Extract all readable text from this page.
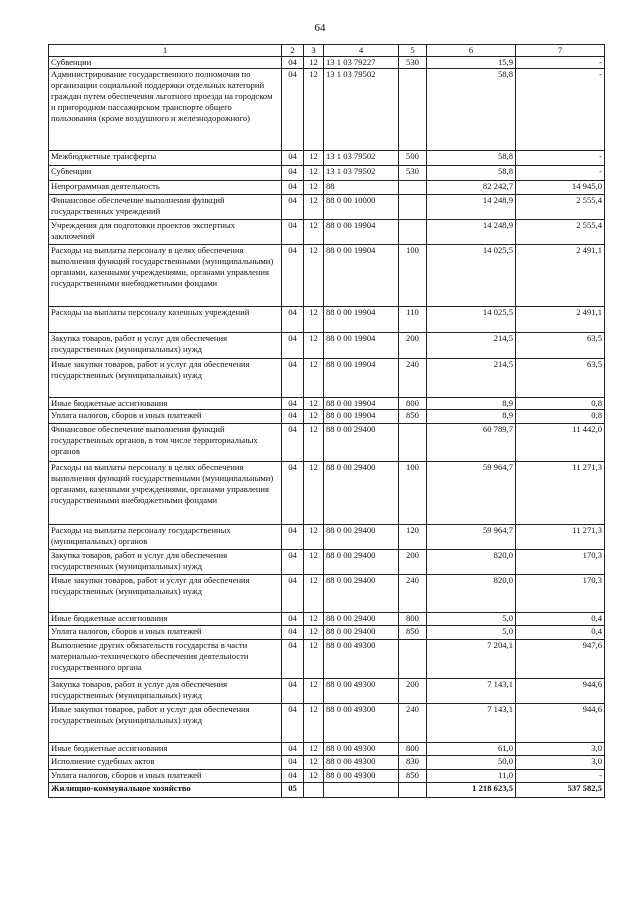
64
1	2	3	4	5	6	7
Субвенции	04	12	13 1 03 79227	530	15,9	-
Администрирование государственного полномочия по организации социальной поддержки отдельных категорий граждан путем обеспечения льготного проезда на городском и пригородном пассажирском транспорте общего пользования (кроме воздушного и железнодорожного)	04	12	13 1 03 79502		58,8	-
Межбюджетные трансферты	04	12	13 1 03 79502	500	58,8	-
Субвенции	04	12	13 1 03 79502	530	58,8	-
Непрограммная деятельность	04	12	88		82 242,7	14 945,0
Финансовое обеспечение выполнения функций государственных учреждений	04	12	88 0 00 10000		14 248,9	2 555,4
Учреждения для подготовки проектов экспертных заключений	04	12	88 0 00 19904		14 248,9	2 555,4
Расходы на выплаты персоналу в целях обеспечения выполнения функций государственными (муниципальными) органами, казенными учреждениями, органами управления государственными внебюджетными фондами	04	12	88 0 00 19904	100	14 025,5	2 491,1
Расходы на выплаты персоналу казенных учреждений	04	12	88 0 00 19904	110	14 025,5	2 491,1
Закупка товаров, работ и услуг для обеспечения государственных (муниципальных) нужд	04	12	88 0 00 19904	200	214,5	63,5
Иные закупки товаров, работ и услуг для обеспечения государственных (муниципальных) нужд	04	12	88 0 00 19904	240	214,5	63,5
Иные бюджетные ассигнования	04	12	88 0 00 19904	800	8,9	0,8
Уплата налогов, сборов и иных платежей	04	12	88 0 00 19904	850	8,9	0,8
Финансовое обеспечение выполнения функций государственных органов, в том числе территориальных органов	04	12	88 0 00 29400		60 789,7	11 442,0
Расходы на выплаты персоналу в целях обеспечения выполнения функций государственными (муниципальными) органами, казенными учреждениями, органами управления государственными внебюджетными фондами	04	12	88 0 00 29400	100	59 964,7	11 271,3
Расходы на выплаты персоналу государственных (муниципальных) органов	04	12	88 0 00 29400	120	59 964,7	11 271,3
Закупка товаров, работ и услуг для обеспечения государственных (муниципальных) нужд	04	12	88 0 00 29400	200	820,0	170,3
Иные закупки товаров, работ и услуг для обеспечения государственных (муниципальных) нужд	04	12	88 0 00 29400	240	820,0	170,3
Иные бюджетные ассигнования	04	12	88 0 00 29400	800	5,0	0,4
Уплата налогов, сборов и иных платежей	04	12	88 0 00 29400	850	5,0	0,4
Выполнение других обязательств государства в части материально-технического обеспечения деятельности государственного органа	04	12	88 0 00 49300		7 204,1	947,6
Закупка товаров, работ и услуг для обеспечения государственных (муниципальных) нужд	04	12	88 0 00 49300	200	7 143,1	944,6
Иные закупки товаров, работ и услуг для обеспечения государственных (муниципальных) нужд	04	12	88 0 00 49300	240	7 143,1	944,6
Иные бюджетные ассигнования	04	12	88 0 00 49300	800	61,0	3,0
Исполнение судебных актов	04	12	88 0 00 49300	830	50,0	3,0
Уплата налогов, сборов и иных платежей	04	12	88 0 00 49300	850	11,0	-
Жилищно-коммунальное хозяйство	05				1 218 623,5	537 582,5
